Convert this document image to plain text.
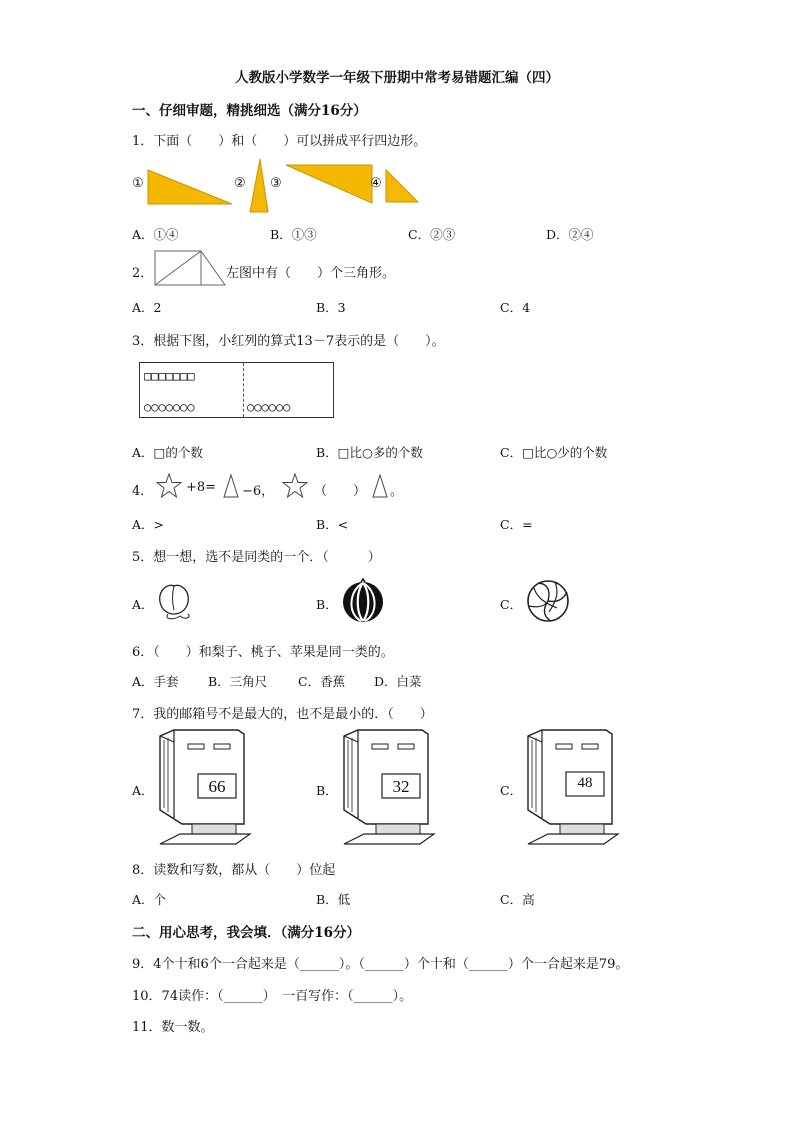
人教版小学数学一年级下册期中常考易错题汇编（四）
一、仔细审题，精挑细选（满分16分）
1．下面（　　）和（　　）可以拼成平行四边形。
①	② ③	④
A．①④	B．①③	C．②③	D．②④
2．	左图中有（　　）个三角形。
A．2	B．3	C．4
3．根据下图，小红列的算式13－7表示的是（　　）。
□□□□□□□
○○○○○○○	○○○○○○
A．□的个数	B．□比○多的个数	C．□比○少的个数
4．	+8= −6，	（　　） 。
A．>	B．<	C．=
5．想一想，选不是同类的一个．（　　　）
A．	B．	C．
6．（　　）和梨子、桃子、苹果是同一类的。
A．手套 B．三角尺 C．香蕉 D．白菜
7．我的邮箱号不是最大的，也不是最小的．（　　）
A．	66	B．	32	C．	48
8．读数和写数，都从（　　）位起
A．个	B．低	C．高
二、用心思考，我会填．（满分16分）
9．4个十和6个一合起来是（______）。（______）个十和（______）个一合起来是79。
10．74读作：（______）　一百写作：（______）。
11．数一数。
